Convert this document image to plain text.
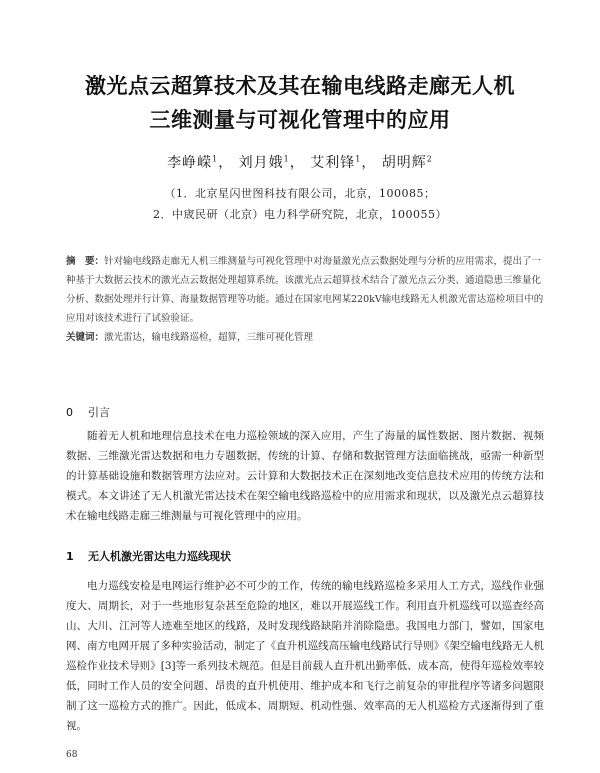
激光点云超算技术及其在输电线路走廊无人机
三维测量与可视化管理中的应用
李峥嵘$^1$， 刘月娥$^1$， 艾利锋$^1$， 胡明辉$^2$
（1．北京星闪世图科技有限公司，北京，100085；
2．中宬民研（北京）电力科学研究院，北京，100055）
摘　要：针对输电线路走廊无人机三维测量与可视化管理中对海量激光点云数据处理与分析的应用需求，提出了一种基于大数据云技术的激光点云数据处理超算系统。该激光点云超算技术结合了激光点云分类、通道隐患三维量化分析、数据处理并行计算、海量数据管理等功能。通过在国家电网某220kV输电线路无人机激光雷达巡检项目中的应用对该技术进行了试验验证。
关键词：激光雷达，输电线路巡检，超算，三维可视化管理
0 引言
随着无人机和地理信息技术在电力巡检领域的深入应用，产生了海量的属性数据、图片数据、视频数据、三维激光雷达数据和电力专题数据，传统的计算、存储和数据管理方法面临挑战，亟需一种新型的计算基础设施和数据管理方法应对。云计算和大数据技术正在深刻地改变信息技术应用的传统方法和模式。本文讲述了无人机激光雷达技术在架空输电线路巡检中的应用需求和现状，以及激光点云超算技术在输电线路走廊三维测量与可视化管理中的应用。
1 无人机激光雷达电力巡线现状
电力巡线安检是电网运行维护必不可少的工作，传统的输电线路巡检多采用人工方式，巡线作业强度大、周期长，对于一些地形复杂甚至危险的地区，难以开展巡线工作。利用直升机巡线可以巡查经高山、大川、江河等人迹难至地区的线路，及时发现线路缺陷并消除隐患。我国电力部门，譬如，国家电网、南方电网开展了多种实验活动，制定了《直升机巡线高压输电线路试行导则》《架空输电线路无人机巡检作业技术导则》[3]等一系列技术规范。但是目前载人直升机出勤率低、成本高，使得年巡检效率较低，同时工作人员的安全问题、昂贵的直升机使用、维护成本和飞行之前复杂的审批程序等诸多问题限制了这一巡检方式的推广。因此，低成本、周期短、机动性强、效率高的无人机巡检方式逐渐得到了重视。
68
